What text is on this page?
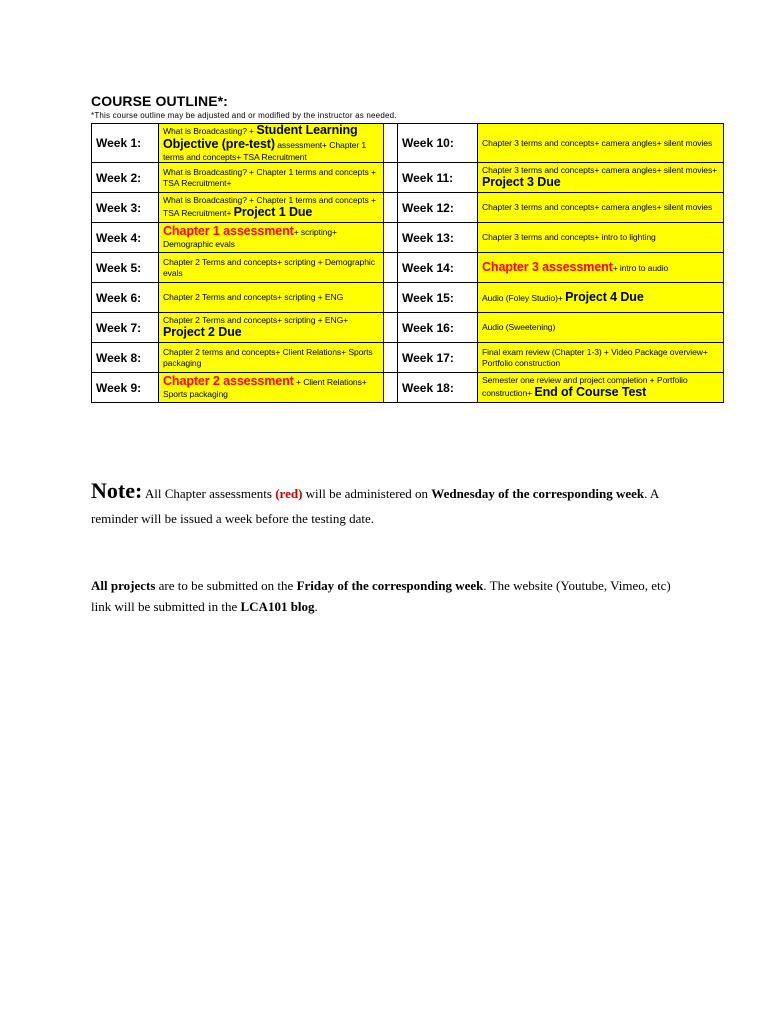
COURSE OUTLINE*:
*This course outline may be adjusted and or modified by the instructor as needed.
Week 1:	What is Broadcasting? + Student Learning Objective (pre-test) assessment+ Chapter 1 terms and concepts+ TSA Recruitment		Week 10:	Chapter 3 terms and concepts+ camera angles+ silent movies
Week 2:	What is Broadcasting? + Chapter 1 terms and concepts + TSA Recruitment+		Week 11:	Chapter 3 terms and concepts+ camera angles+ silent movies+ Project 3 Due
Week 3:	What is Broadcasting? + Chapter 1 terms and concepts + TSA Recruitment+ Project 1 Due		Week 12:	Chapter 3 terms and concepts+ camera angles+ silent movies
Week 4:	Chapter 1 assessment+ scripting+ Demographic evals		Week 13:	Chapter 3 terms and concepts+ intro to lighting
Week 5:	Chapter 2 Terms and concepts+ scripting + Demographic evals		Week 14:	Chapter 3 assessment+ intro to audio
Week 6:	Chapter 2 Terms and concepts+ scripting + ENG		Week 15:	Audio (Foley Studio)+ Project 4 Due
Week 7:	Chapter 2 Terms and concepts+ scripting + ENG+ Project 2 Due		Week 16:	Audio (Sweetening)
Week 8:	Chapter 2 terms and concepts+ Client Relations+ Sports packaging		Week 17:	Final exam review (Chapter 1-3) + Video Package overview+ Portfolio construction
Week 9:	Chapter 2 assessment + Client Relations+ Sports packaging		Week 18:	Semester one review and project completion + Portfolio construction+ End of Course Test
Note: All Chapter assessments (red) will be administered on Wednesday of the corresponding week. A reminder will be issued a week before the testing date.
All projects are to be submitted on the Friday of the corresponding week. The website (Youtube, Vimeo, etc) link will be submitted in the LCA101 blog.
